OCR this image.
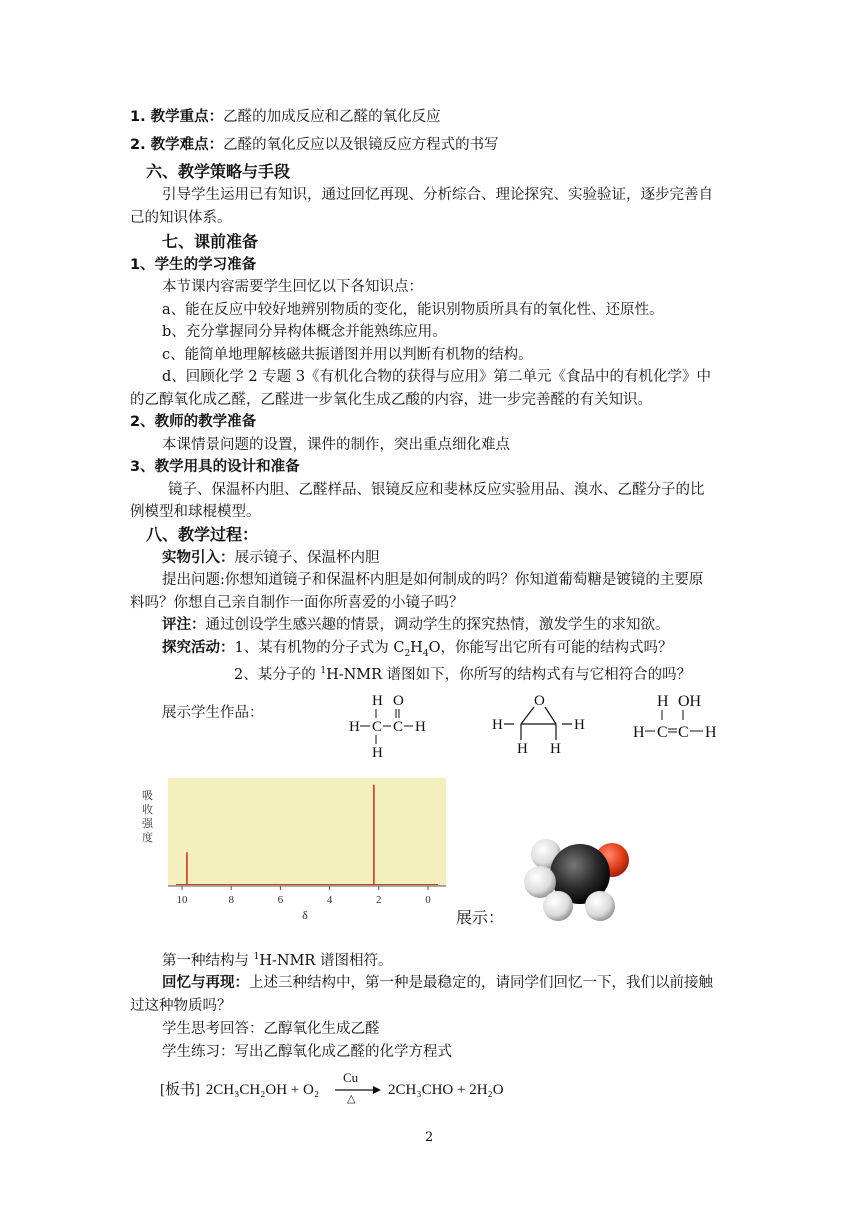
1. 教学重点：乙醛的加成反应和乙醛的氧化反应
2. 教学难点：乙醛的氧化反应以及银镜反应方程式的书写
六、教学策略与手段
引导学生运用已有知识，通过回忆再现、分析综合、理论探究、实验验证，逐步完善自
己的知识体系。
七、课前准备
1、学生的学习准备
本节课内容需要学生回忆以下各知识点：
a、能在反应中较好地辨别物质的变化，能识别物质所具有的氧化性、还原性。
b、充分掌握同分异构体概念并能熟练应用。
c、能简单地理解核磁共振谱图并用以判断有机物的结构。
d、回顾化学 2 专题 3《有机化合物的获得与应用》第二单元《食品中的有机化学》中
的乙醇氧化成乙醛，乙醛进一步氧化生成乙酸的内容，进一步完善醛的有关知识。
2、教师的教学准备
本课情景问题的设置，课件的制作，突出重点细化难点
3、教学用具的设计和准备
镜子、保温杯内胆、乙醛样品、银镜反应和斐林反应实验用品、溴水、乙醛分子的比
例模型和球棍模型。
八、教学过程：
实物引入：展示镜子、保温杯内胆
提出问题:你想知道镜子和保温杯内胆是如何制成的吗？你知道葡萄糖是镀镜的主要原
料吗？你想自己亲自制作一面你所喜爱的小镜子吗？
评注：通过创设学生感兴趣的情景，调动学生的探究热情，激发学生的求知欲。
探究活动：1、某有机物的分子式为 $C_2H_4O$，你能写出它所有可能的结构式吗？
2、某分子的 $^1$H-NMR 谱图如下，你所写的结构式有与它相符合的吗？
展示学生作品：
H O
H C C H
H
O
H	H
H H
H OH
H C C H
吸
收
强
度
10	8	6	4	2	0
δ	展示：
第一种结构与 $^1$H-NMR 谱图相符。
回忆与再现：上述三种结构中，第一种是最稳定的，请同学们回忆一下，我们以前接触
过这种物质吗？
学生思考回答：乙醇氧化生成乙醛
学生练习：写出乙醇氧化成乙醛的化学方程式
[板书] 2CH₃CH₂OH + O₂
Cu
△
2CH₃CHO + 2H₂O
2
